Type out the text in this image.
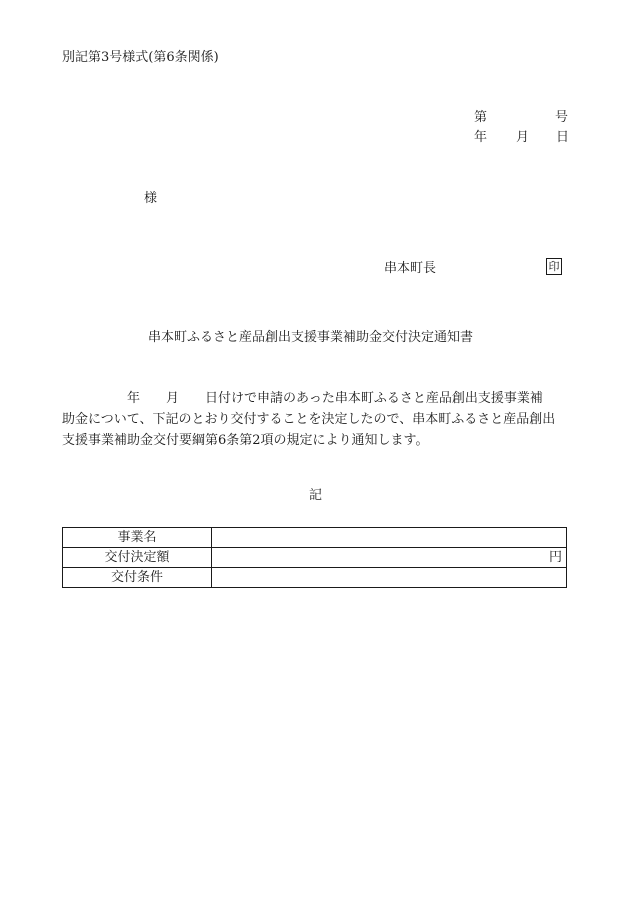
別記第3号様式(第6条関係)
第	号
年 月 日
様
串本町長	印
串本町ふるさと産品創出支援事業補助金交付決定通知書

　　　　　年　　月　　日付けで申請のあった串本町ふるさと産品創出支援事業補

助金について、下記のとおり交付することを決定したので、串本町ふるさと産品創出

支援事業補助金交付要綱第6条第2項の規定により通知します。

記
事業名	
交付決定額	円
交付条件	
